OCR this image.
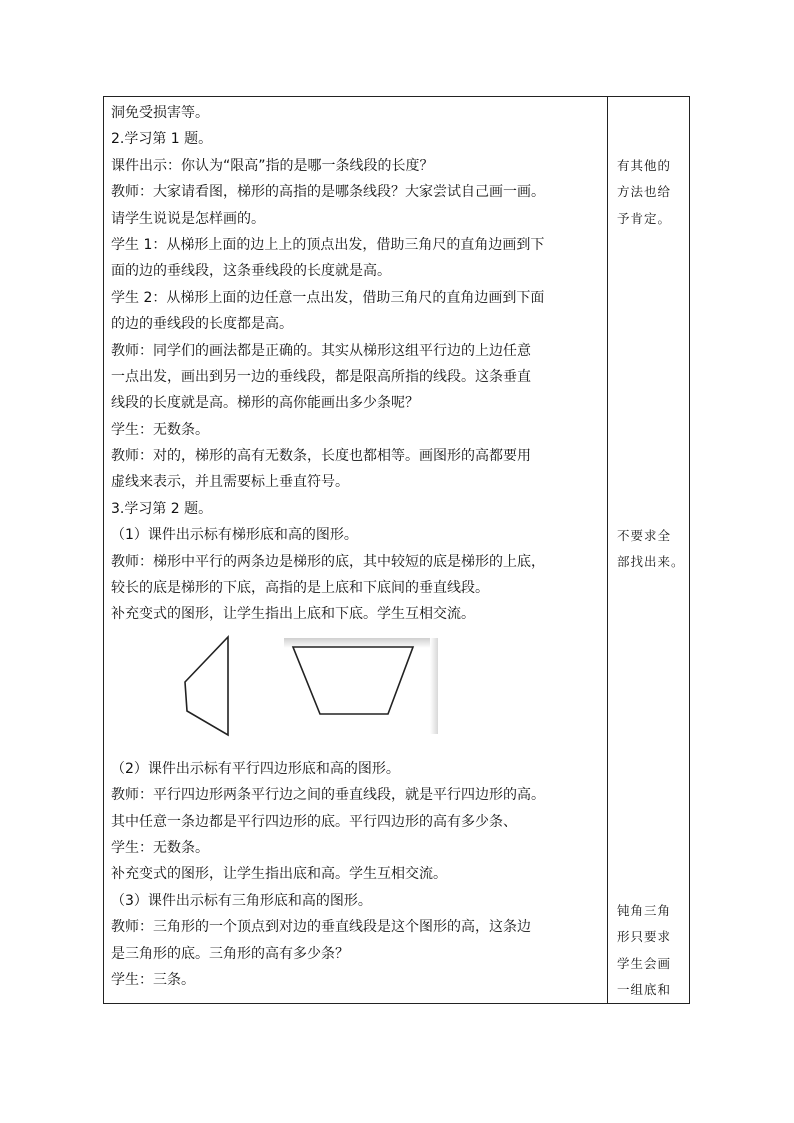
洞免受损害等。
2.学习第 1 题。
课件出示：你认为“限高”指的是哪一条线段的长度？
教师：大家请看图，梯形的高指的是哪条线段？大家尝试自己画一画。
请学生说说是怎样画的。
学生 1：从梯形上面的边上上的顶点出发，借助三角尺的直角边画到下
面的边的垂线段，这条垂线段的长度就是高。
学生 2：从梯形上面的边任意一点出发，借助三角尺的直角边画到下面
的边的垂线段的长度都是高。
教师：同学们的画法都是正确的。其实从梯形这组平行边的上边任意
一点出发，画出到另一边的垂线段，都是限高所指的线段。这条垂直
线段的长度就是高。梯形的高你能画出多少条呢？
学生：无数条。
教师：对的，梯形的高有无数条，长度也都相等。画图形的高都要用
虚线来表示，并且需要标上垂直符号。
3.学习第 2 题。
（1）课件出示标有梯形底和高的图形。
教师：梯形中平行的两条边是梯形的底，其中较短的底是梯形的上底，
较长的底是梯形的下底，高指的是上底和下底间的垂直线段。
补充变式的图形，让学生指出上底和下底。学生互相交流。
（2）课件出示标有平行四边形底和高的图形。
教师：平行四边形两条平行边之间的垂直线段，就是平行四边形的高。
其中任意一条边都是平行四边形的底。平行四边形的高有多少条、
学生：无数条。
补充变式的图形，让学生指出底和高。学生互相交流。
（3）课件出示标有三角形底和高的图形。
教师：三角形的一个顶点到对边的垂直线段是这个图形的高，这条边
是三角形的底。三角形的高有多少条？
学生：三条。
有其他的
方法也给
予肯定。
不要求全
部找出来。
钝角三角
形只要求
学生会画
一组底和
